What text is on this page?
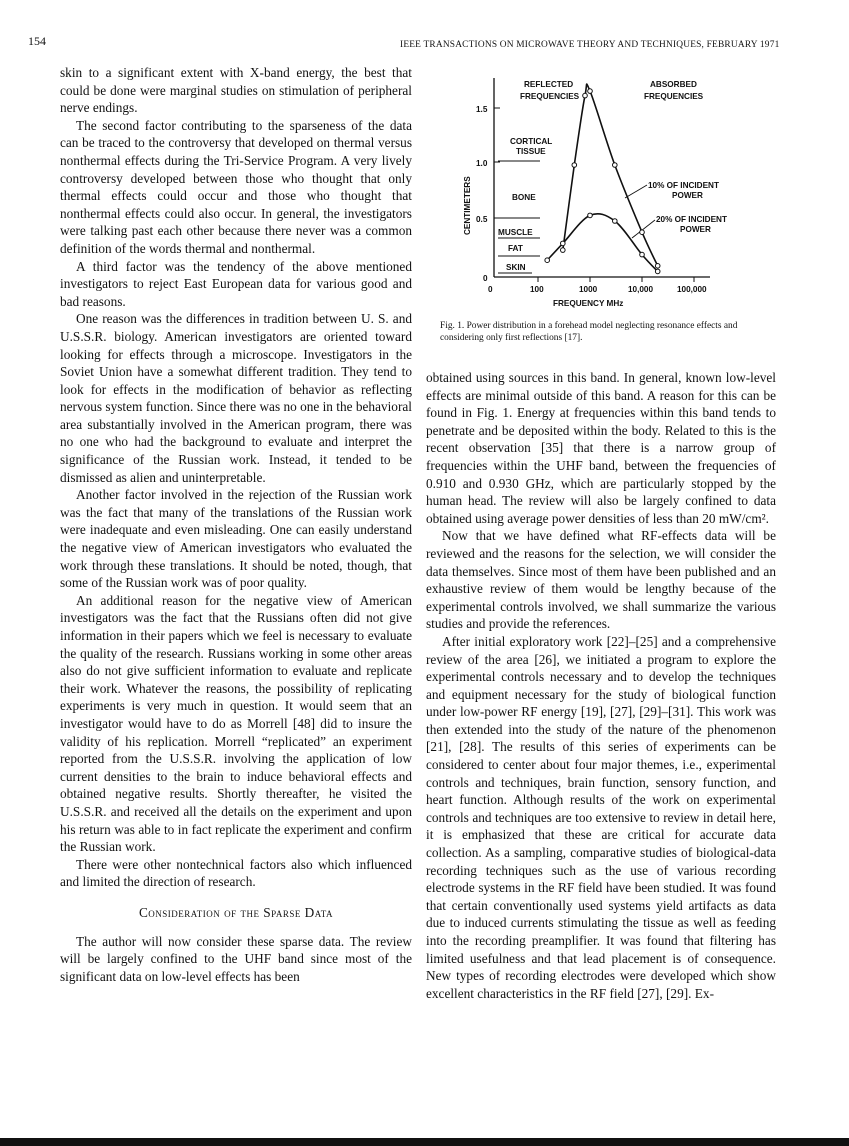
154	IEEE TRANSACTIONS ON MICROWAVE THEORY AND TECHNIQUES, FEBRUARY 1971
1.5
1.0
0.5
0
0	100	1000	10,000	100,000
FREQUENCY MHz
CENTIMETERS
REFLECTED
FREQUENCIES
ABSORBED
FREQUENCIES
CORTICAL
TISSUE
BONE
MUSCLE
FAT
SKIN
10% OF INCIDENT
POWER
20% OF INCIDENT
POWER
Fig. 1. Power distribution in a forehead model neglecting resonance effects and considering only first reflections [17].

skin to a significant extent with X-band energy, the best that could be done were marginal studies on stimulation of peripheral nerve endings.

The second factor contributing to the sparseness of the data can be traced to the controversy that developed on thermal versus nonthermal effects during the Tri-Service Program. A very lively controversy developed between those who thought that only thermal effects could occur and those who thought that nonthermal effects could also occur. In general, the investigators were talking past each other because there never was a common definition of the words thermal and nonthermal.

A third factor was the tendency of the above mentioned investigators to reject East European data for various good and bad reasons.

One reason was the differences in tradition between U. S. and U.S.S.R. biology. American investigators are oriented toward looking for effects through a microscope. Investigators in the Soviet Union have a somewhat different tradition. They tend to look for effects in the modification of behavior as reflecting nervous system function. Since there was no one in the behavioral area substantially involved in the American program, there was no one who had the background to evaluate and interpret the significance of the Russian work. Instead, it tended to be dismissed as alien and uninterpretable.

Another factor involved in the rejection of the Russian work was the fact that many of the translations of the Russian work were inadequate and even misleading. One can easily understand the negative view of American investigators who evaluated the work through these translations. It should be noted, though, that some of the Russian work was of poor quality.

An additional reason for the negative view of American investigators was the fact that the Russians often did not give information in their papers which we feel is necessary to evaluate the quality of the research. Russians working in some other areas also do not give sufficient information to evaluate and replicate their work. Whatever the reasons, the possibility of replicating experiments is very much in question. It would seem that an investigator would have to do as Morrell [48] did to insure the validity of his replication. Morrell “replicated” an experiment reported from the U.S.S.R. involving the application of low current densities to the brain to induce behavioral effects and obtained negative results. Shortly thereafter, he visited the U.S.S.R. and received all the details on the experiment and upon his return was able to in fact replicate the experiment and confirm the Russian work.

There were other nontechnical factors also which influenced and limited the direction of research.

Consideration of the Sparse Data

The author will now consider these sparse data. The review will be largely confined to the UHF band since most of the significant data on low-level effects has been

obtained using sources in this band. In general, known low-level effects are minimal outside of this band. A reason for this can be found in Fig. 1. Energy at frequencies within this band tends to penetrate and be deposited within the body. Related to this is the recent observation [35] that there is a narrow group of frequencies within the UHF band, between the frequencies of 0.910 and 0.930 GHz, which are particularly stopped by the human head. The review will also be largely confined to data obtained using average power densities of less than 20 mW/cm².

Now that we have defined what RF-effects data will be reviewed and the reasons for the selection, we will consider the data themselves. Since most of them have been published and an exhaustive review of them would be lengthy because of the experimental controls involved, we shall summarize the various studies and provide the references.

After initial exploratory work [22]–[25] and a comprehensive review of the area [26], we initiated a program to explore the experimental controls necessary and to develop the techniques and equipment necessary for the study of biological function under low-power RF energy [19], [27], [29]–[31]. This work was then extended into the study of the nature of the phenomenon [21], [28]. The results of this series of experiments can be considered to center about four major themes, i.e., experimental controls and techniques, brain function, sensory function, and heart function. Although results of the work on experimental controls and techniques are too extensive to review in detail here, it is emphasized that these are critical for accurate data collection. As a sampling, comparative studies of biological-data recording techniques such as the use of various recording electrode systems in the RF field have been studied. It was found that certain conventionally used systems yield artifacts as data due to induced currents stimulating the tissue as well as feeding into the recording preamplifier. It was found that filtering has limited usefulness and that lead placement is of consequence. New types of recording electrodes were developed which show excellent characteristics in the RF field [27], [29]. Ex-
